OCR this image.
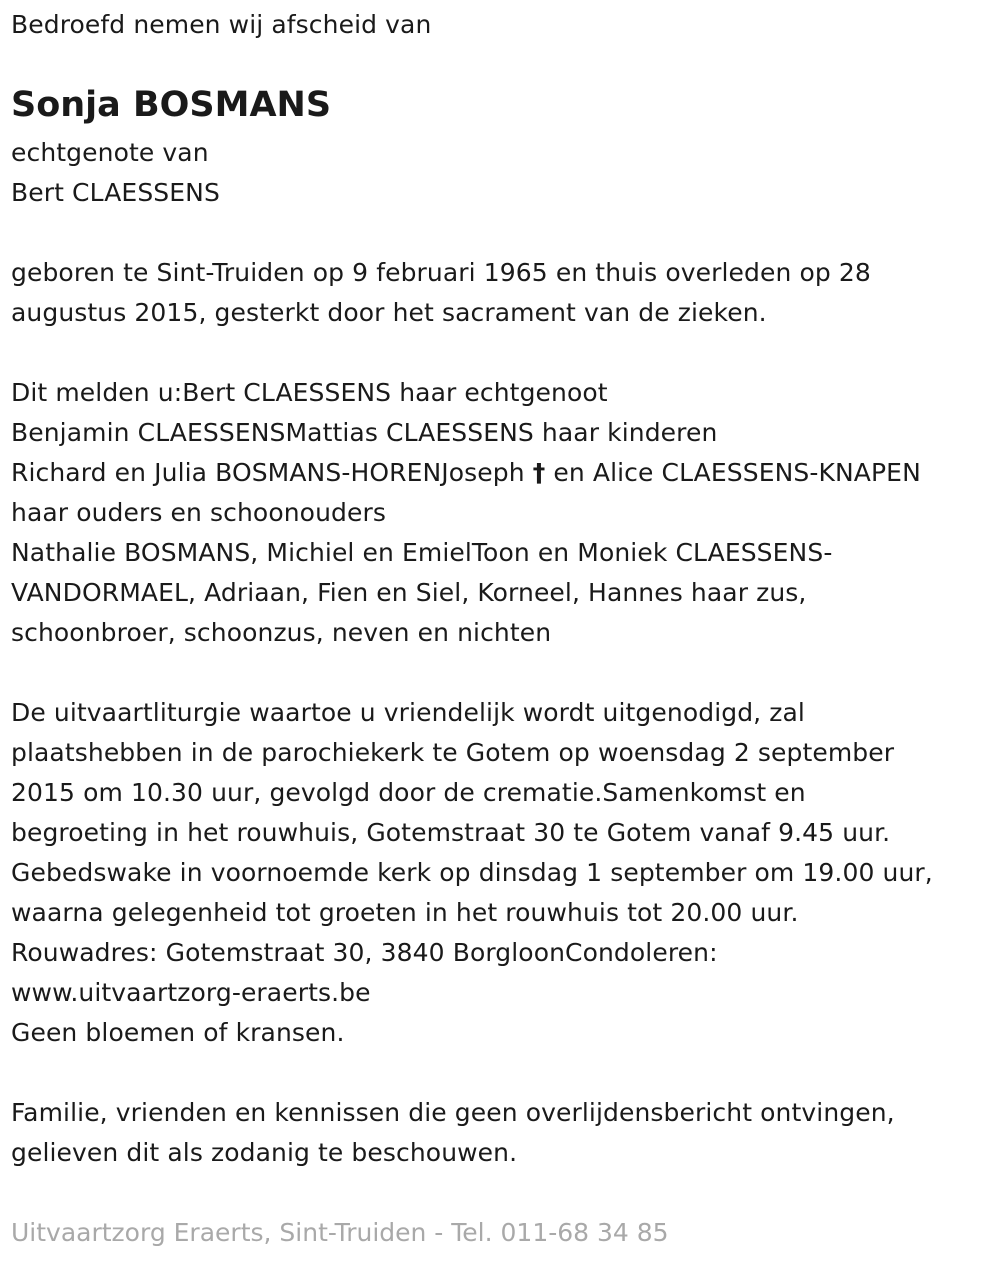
Bedroefd nemen wij afscheid van
Sonja BOSMANS
echtgenote van
Bert CLAESSENS
geboren te Sint-Truiden op 9 februari 1965 en thuis overleden op 28
augustus 2015, gesterkt door het sacrament van de zieken.
Dit melden u:Bert CLAESSENS haar echtgenoot
Benjamin CLAESSENSMattias CLAESSENS haar kinderen
Richard en Julia BOSMANS-HORENJoseph † en Alice CLAESSENS-KNAPEN
haar ouders en schoonouders
Nathalie BOSMANS, Michiel en EmielToon en Moniek CLAESSENS-
VANDORMAEL, Adriaan, Fien en Siel, Korneel, Hannes haar zus,
schoonbroer, schoonzus, neven en nichten
De uitvaartliturgie waartoe u vriendelijk wordt uitgenodigd, zal
plaatshebben in de parochiekerk te Gotem op woensdag 2 september
2015 om 10.30 uur, gevolgd door de crematie.Samenkomst en
begroeting in het rouwhuis, Gotemstraat 30 te Gotem vanaf 9.45 uur.
Gebedswake in voornoemde kerk op dinsdag 1 september om 19.00 uur,
waarna gelegenheid tot groeten in het rouwhuis tot 20.00 uur.
Rouwadres: Gotemstraat 30, 3840 BorgloonCondoleren:
www.uitvaartzorg-eraerts.be
Geen bloemen of kransen.
Familie, vrienden en kennissen die geen overlijdensbericht ontvingen,
gelieven dit als zodanig te beschouwen.
Uitvaartzorg Eraerts, Sint-Truiden - Tel. 011-68 34 85
